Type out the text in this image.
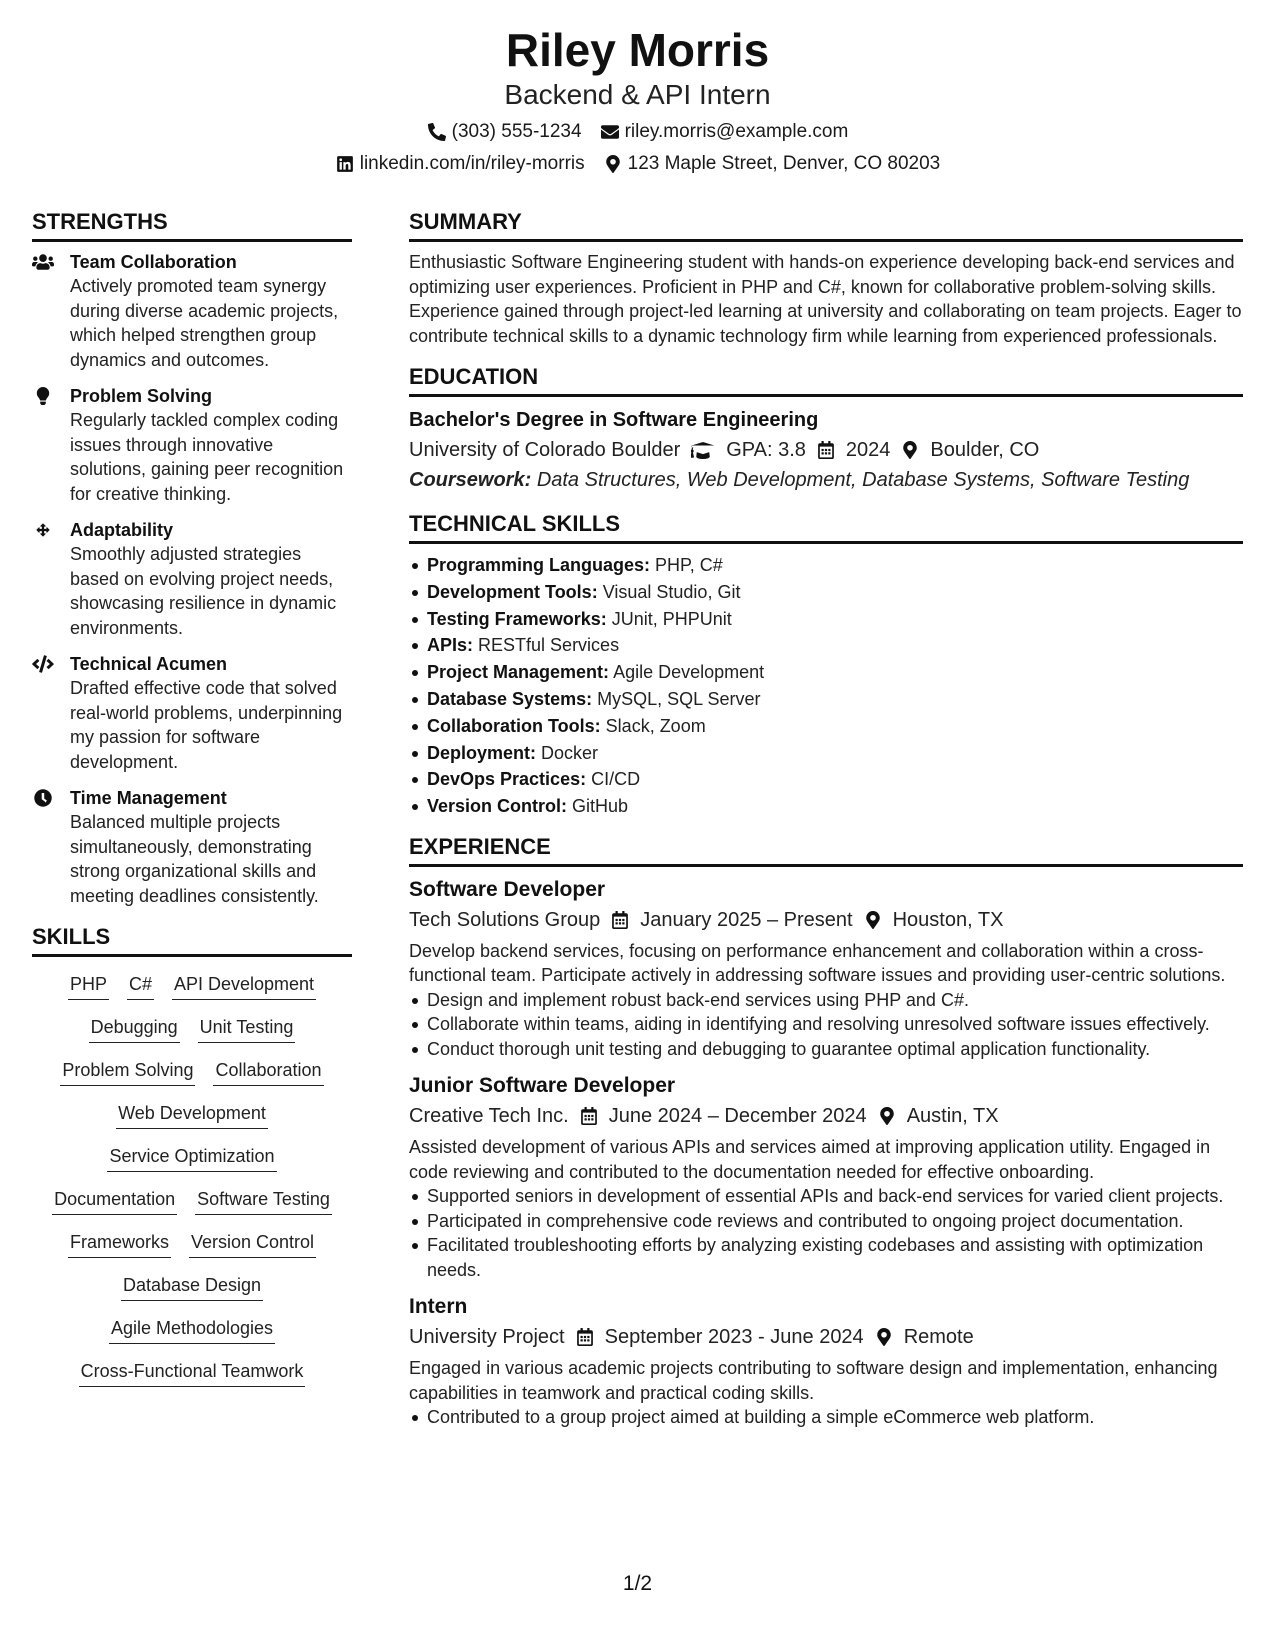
Riley Morris
Backend & API Intern
(303) 555-1234 riley.morris@example.com
linkedin.com/in/riley-morris 123 Maple Street, Denver, CO 80203
STRENGTHS
Team Collaboration
Actively promoted team synergy during diverse academic projects, which helped strengthen group dynamics and outcomes.
Problem Solving
Regularly tackled complex coding issues through innovative solutions, gaining peer recognition for creative thinking.
Adaptability
Smoothly adjusted strategies based on evolving project needs, showcasing resilience in dynamic environments.
Technical Acumen
Drafted effective code that solved real-world problems, underpinning my passion for software development.
Time Management
Balanced multiple projects simultaneously, demonstrating strong organizational skills and meeting deadlines consistently.
SKILLS
PHP C# API Development
Debugging Unit Testing
Problem Solving Collaboration
Web Development
Service Optimization
Documentation Software Testing
Frameworks Version Control
Database Design
Agile Methodologies
Cross-Functional Teamwork
SUMMARY
Enthusiastic Software Engineering student with hands-on experience developing back-end services and optimizing user experiences. Proficient in PHP and C#, known for collaborative problem-solving skills. Experience gained through project-led learning at university and collaborating on team projects. Eager to contribute technical skills to a dynamic technology firm while learning from experienced professionals.
EDUCATION
Bachelor's Degree in Software Engineering
University of Colorado Boulder GPA: 3.8 2024 Boulder, CO
Coursework: Data Structures, Web Development, Database Systems, Software Testing
TECHNICAL SKILLS
Programming Languages: PHP, C#
Development Tools: Visual Studio, Git
Testing Frameworks: JUnit, PHPUnit
APIs: RESTful Services
Project Management: Agile Development
Database Systems: MySQL, SQL Server
Collaboration Tools: Slack, Zoom
Deployment: Docker
DevOps Practices: CI/CD
Version Control: GitHub
EXPERIENCE
Software Developer
Tech Solutions Group January 2025 – Present Houston, TX
Develop backend services, focusing on performance enhancement and collaboration within a cross-functional team. Participate actively in addressing software issues and providing user-centric solutions.
Design and implement robust back-end services using PHP and C#.
Collaborate within teams, aiding in identifying and resolving unresolved software issues effectively.
Conduct thorough unit testing and debugging to guarantee optimal application functionality.
Junior Software Developer
Creative Tech Inc. June 2024 – December 2024 Austin, TX
Assisted development of various APIs and services aimed at improving application utility. Engaged in code reviewing and contributed to the documentation needed for effective onboarding.
Supported seniors in development of essential APIs and back-end services for varied client projects.
Participated in comprehensive code reviews and contributed to ongoing project documentation.
Facilitated troubleshooting efforts by analyzing existing codebases and assisting with optimization needs.
Intern
University Project September 2023 - June 2024 Remote
Engaged in various academic projects contributing to software design and implementation, enhancing capabilities in teamwork and practical coding skills.
Contributed to a group project aimed at building a simple eCommerce web platform.
1/2
